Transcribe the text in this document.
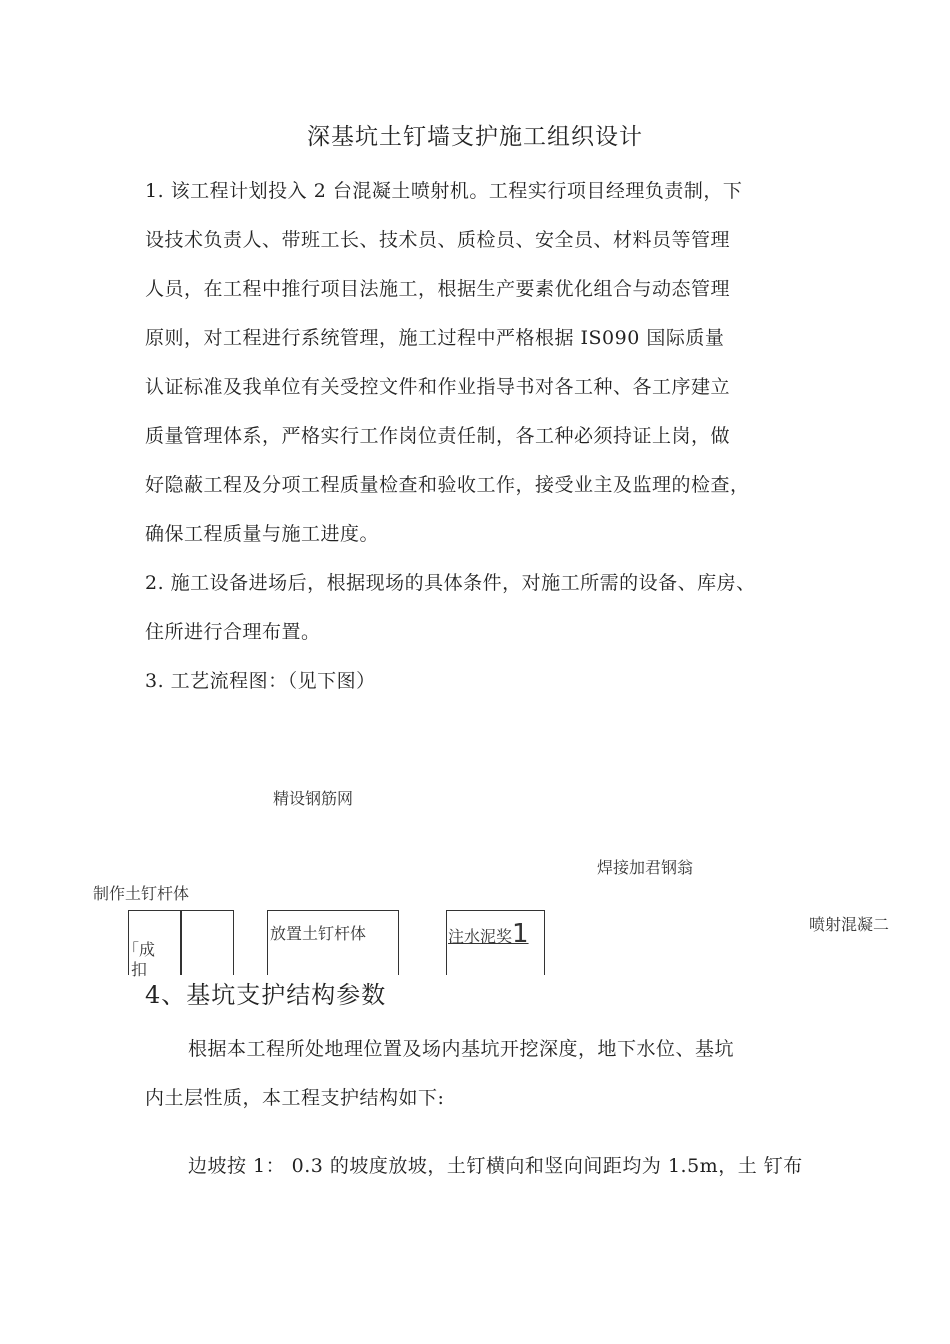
深基坑土钉墙支护施工组织设计
1. 该工程计划投入 2 台混凝土喷射机。工程实行项目经理负责制，下
设技术负责人、带班工长、技术员、质检员、安全员、材料员等管理
人员，在工程中推行项目法施工，根据生产要素优化组合与动态管理
原则，对工程进行系统管理，施工过程中严格根据 IS090 国际质量
认证标准及我单位有关受控文件和作业指导书对各工种、各工序建立
质量管理体系，严格实行工作岗位责任制，各工种必须持证上岗，做
好隐蔽工程及分项工程质量检查和验收工作，接受业主及监理的检查，
确保工程质量与施工进度。
2. 施工设备进场后，根据现场的具体条件，对施工所需的设备、库房、
住所进行合理布置。
3. 工艺流程图：（见下图）
精设钢筋网
焊接加君钢翁
制作土钉杆体
喷射混凝二
｢成
扣
放置土钉杆体	注水泥奖1
4、基坑支护结构参数
根据本工程所处地理位置及场内基坑开挖深度，地下水位、基坑
内土层性质，本工程支护结构如下:
边坡按 1： 0.3 的坡度放坡，土钉横向和竖向间距均为 1.5m，土 钉布
